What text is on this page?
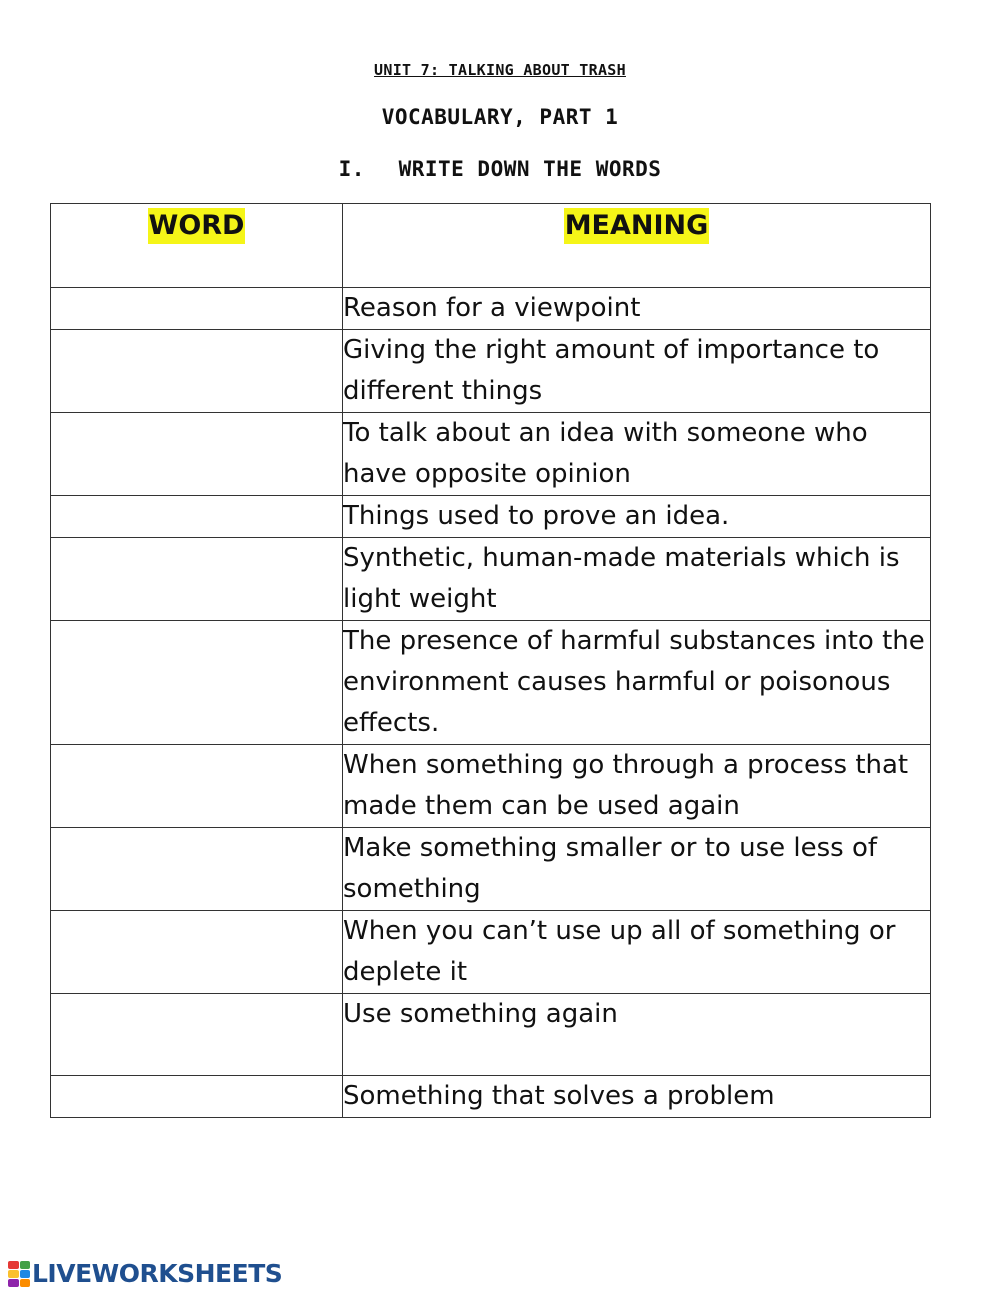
UNIT 7: TALKING ABOUT TRASH
VOCABULARY, PART 1
I. WRITE DOWN THE WORDS
WORD	MEANING
	Reason for a viewpoint
	Giving the right amount of importance to different things
	To talk about an idea with someone who have opposite opinion
	Things used to prove an idea.
	Synthetic, human-made materials which is light weight
	The presence of harmful substances into the environment causes harmful or poisonous effects.
	When something go through a process that made them can be used again
	Make something smaller or to use less of something
	When you can’t use up all of something or deplete it
	Use something again
	Something that solves a problem
LIVEWORKSHEETS
